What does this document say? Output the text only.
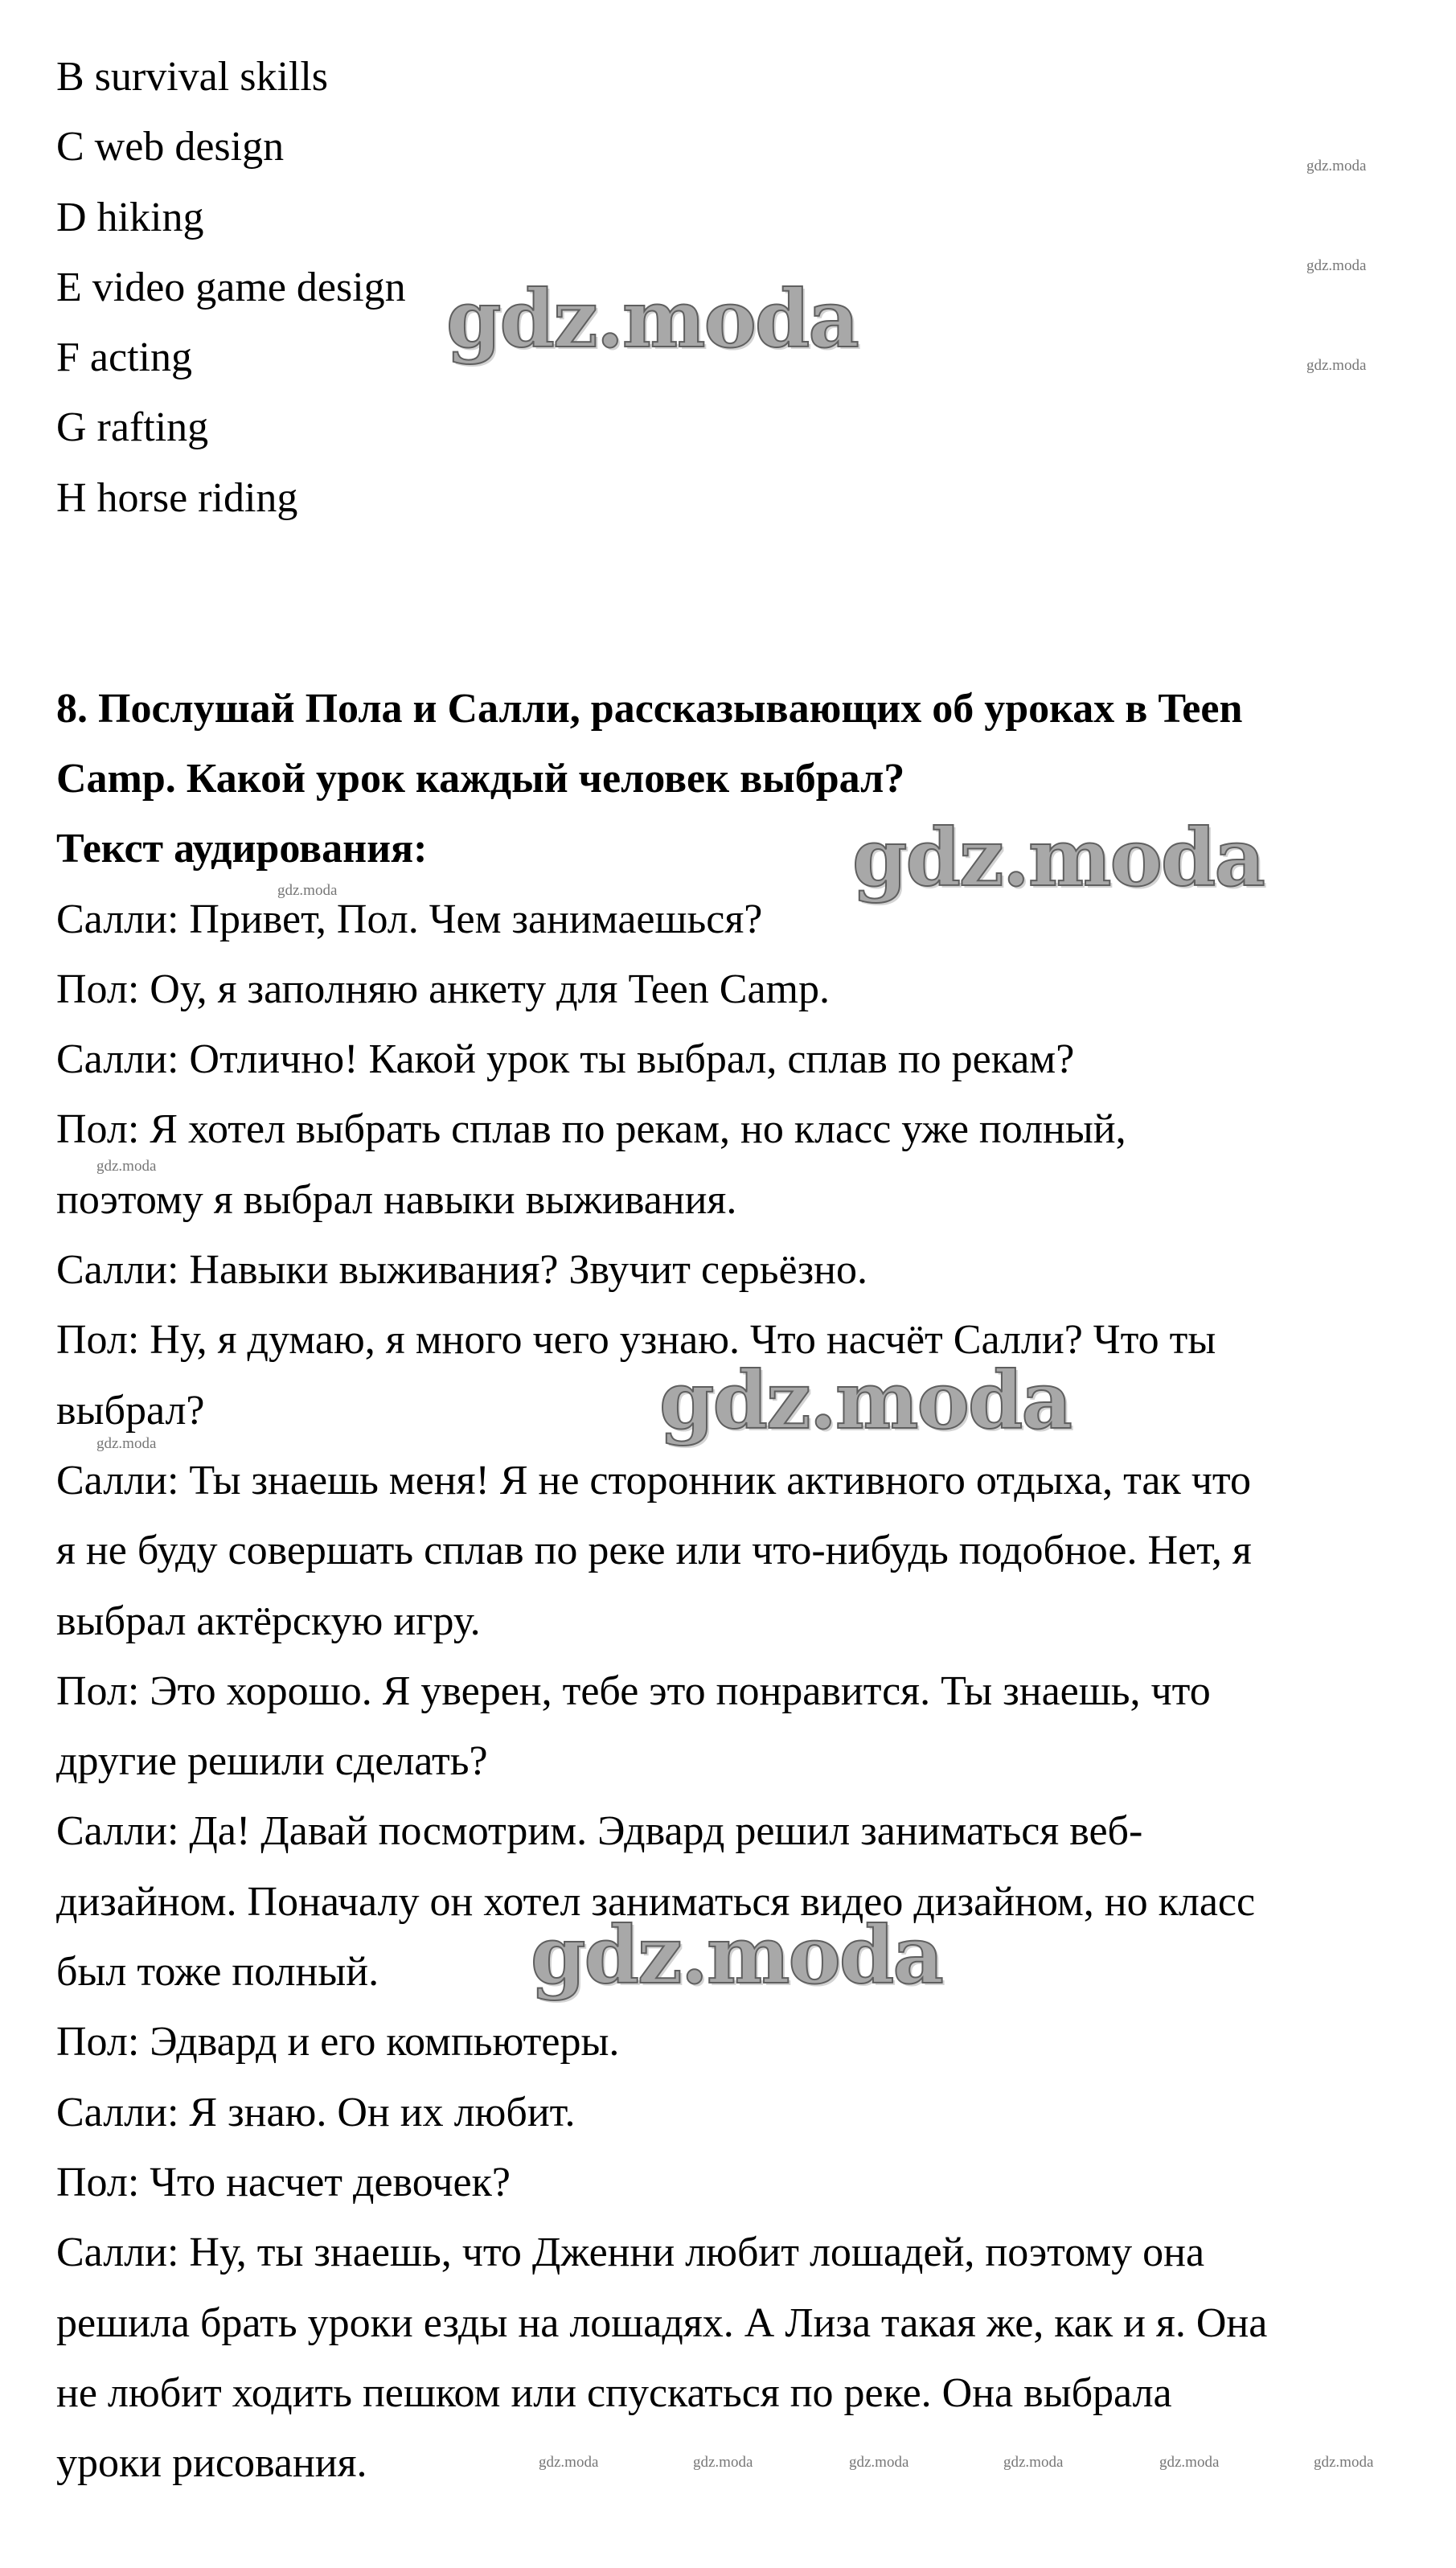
B survival skills
C web design
D hiking
E video game design
F acting
G rafting
H horse riding
8. Послушай Пола и Салли, рассказывающих об уроках в Teen
Camp. Какой урок каждый человек выбрал?
Текст аудирования:
Салли: Привет, Пол. Чем занимаешься?
Пол: Оу, я заполняю анкету для Teen Camp.
Салли: Отлично! Какой урок ты выбрал, сплав по рекам?
Пол: Я хотел выбрать сплав по рекам, но класс уже полный,
поэтому я выбрал навыки выживания.
Салли: Навыки выживания? Звучит серьёзно.
Пол: Ну, я думаю, я много чего узнаю. Что насчёт Салли? Что ты
выбрал?
Салли: Ты знаешь меня! Я не сторонник активного отдыха, так что
я не буду совершать сплав по реке или что-нибудь подобное. Нет, я
выбрал актёрскую игру.
Пол: Это хорошо. Я уверен, тебе это понравится. Ты знаешь, что
другие решили сделать?
Салли: Да! Давай посмотрим. Эдвард решил заниматься веб-
дизайном. Поначалу он хотел заниматься видео дизайном, но класс
был тоже полный.
Пол: Эдвард и его компьютеры.
Салли: Я знаю. Он их любит.
Пол: Что насчет девочек?
Салли: Ну, ты знаешь, что Дженни любит лошадей, поэтому она
решила брать уроки езды на лошадях. А Лиза такая же, как и я. Она
не любит ходить пешком или спускаться по реке. Она выбрала
уроки рисования.
gdz.moda
gdz.moda
gdz.moda
gdz.moda
gdz.moda
gdz.moda
gdz.moda
gdz.moda
gdz.moda
gdz.moda
gdz.moda	gdz.moda	gdz.moda	gdz.moda	gdz.moda	gdz.moda
